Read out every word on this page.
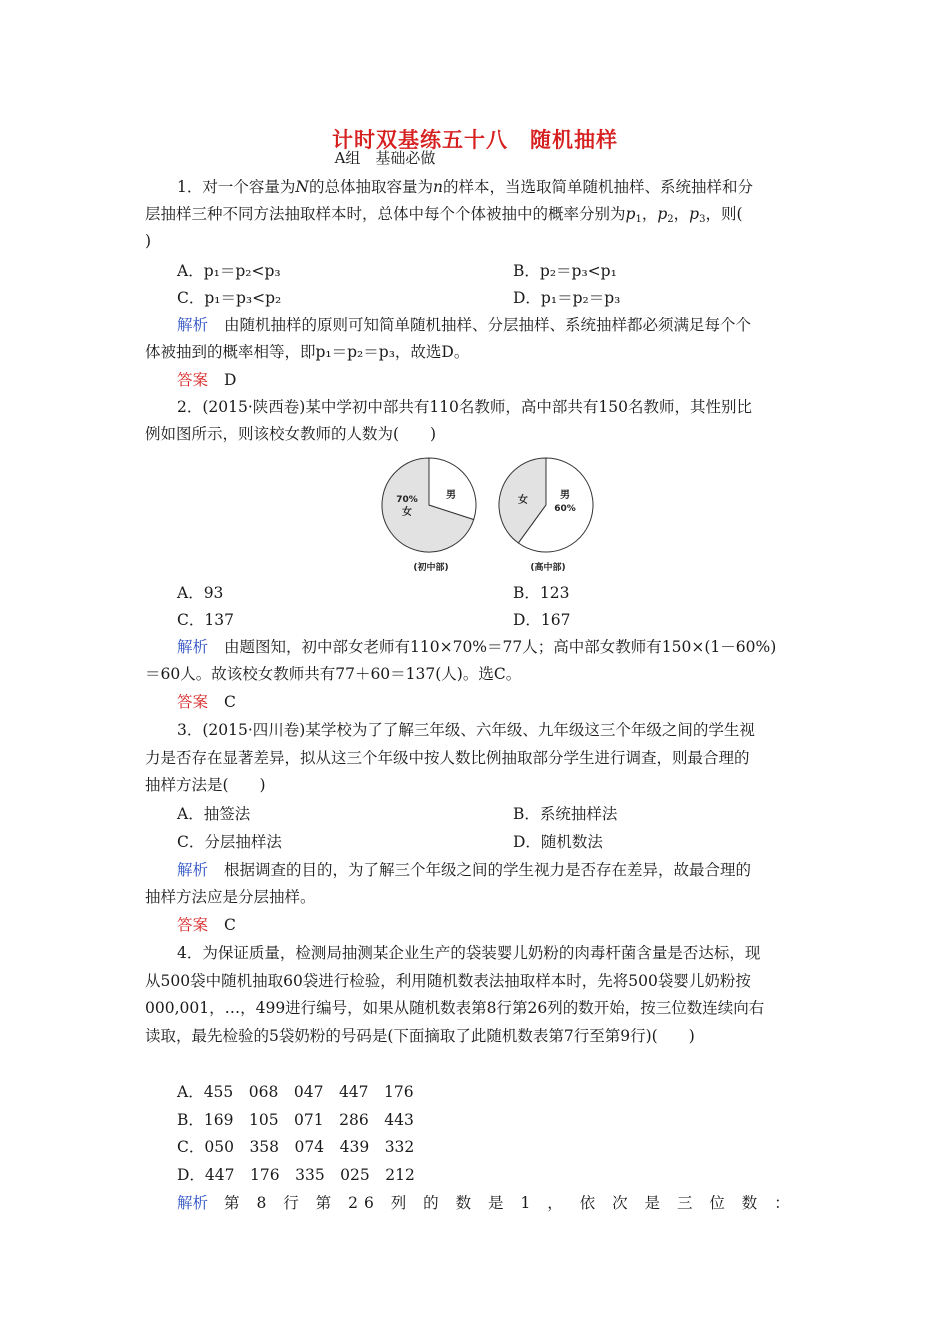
计时双基练五十八　随机抽样
A组　基础必做
1．对一个容量为N的总体抽取容量为n的样本，当选取简单随机抽样、系统抽样和分
层抽样三种不同方法抽取样本时，总体中每个个体被抽中的概率分别为$p_1$，$p_2$，$p_3$，则(
)
A．p₁＝p₂<p₃	B．p₂＝p₃<p₁
C．p₁＝p₃<p₂	D．p₁＝p₂＝p₃
解析 由随机抽样的原则可知简单随机抽样、分层抽样、系统抽样都必须满足每个个
体被抽到的概率相等，即p₁＝p₂＝p₃，故选D。
答案 D
2．(2015·陕西卷)某中学初中部共有110名教师，高中部共有150名教师，其性别比
例如图所示，则该校女教师的人数为(　　)
男
70%
女
(初中部)
男
60%
女
(高中部)
A．93	B．123
C．137	D．167
解析 由题图知，初中部女老师有110×70%＝77人；高中部女教师有150×(1－60%)
＝60人。故该校女教师共有77＋60＝137(人)。选C。
答案 C
3．(2015·四川卷)某学校为了了解三年级、六年级、九年级这三个年级之间的学生视
力是否存在显著差异，拟从这三个年级中按人数比例抽取部分学生进行调查，则最合理的
抽样方法是(　　)
A．抽签法	B．系统抽样法
C．分层抽样法	D．随机数法
解析 根据调查的目的，为了解三个年级之间的学生视力是否存在差异，故最合理的
抽样方法应是分层抽样。
答案 C
4．为保证质量，检测局抽测某企业生产的袋装婴儿奶粉的肉毒杆菌含量是否达标，现
从500袋中随机抽取60袋进行检验，利用随机数表法抽取样本时，先将500袋婴儿奶粉按
000,001，…，499进行编号，如果从随机数表第8行第26列的数开始，按三位数连续向右
读取，最先检验的5袋奶粉的号码是(下面摘取了此随机数表第7行至第9行)(　　)
A．455　068　047　447　176
B．169　105　071　286　443
C．050　358　074　439　332
D．447　176　335　025　212
解析 第 8 行 第 26 列 的 数 是 1 ， 依 次 是 三 位 数 ：
